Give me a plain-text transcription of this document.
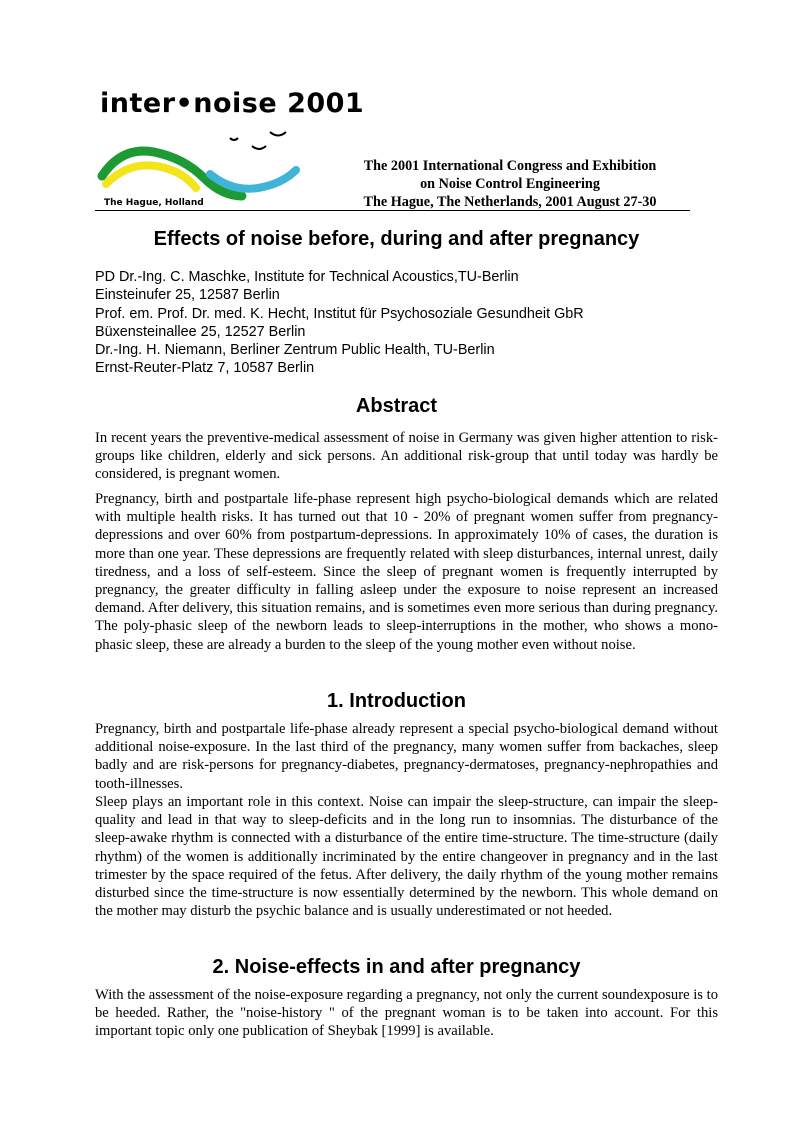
inter•noise 2001
The Hague, Holland
The 2001 International Congress and Exhibition
on Noise Control Engineering
The Hague, The Netherlands, 2001 August 27-30
Effects of noise before, during and after pregnancy
PD Dr.-Ing. C. Maschke, Institute for Technical Acoustics,TU-Berlin
Einsteinufer 25, 12587 Berlin
Prof. em. Prof. Dr. med. K. Hecht, Institut für Psychosoziale Gesundheit GbR
Büxensteinallee 25, 12527 Berlin
Dr.-Ing. H. Niemann, Berliner Zentrum Public Health, TU-Berlin
Ernst-Reuter-Platz 7, 10587 Berlin
Abstract
In recent years the preventive-medical assessment of noise in Germany was given higher attention to risk-groups like children, elderly and sick persons. An additional risk-group that until today was hardly be considered, is pregnant women.
Pregnancy, birth and postpartale life-phase represent high psycho-biological demands which are related with multiple health risks. It has turned out that 10 - 20% of pregnant women suffer from pregnancy-depressions and over 60% from postpartum-depressions. In approximately 10% of cases, the duration is more than one year. These depressions are frequently related with sleep disturbances, internal unrest, daily tiredness, and a loss of self-esteem. Since the sleep of pregnant women is frequently interrupted by pregnancy, the greater difficulty in falling asleep under the exposure to noise represent an increased demand. After delivery, this situation remains, and is sometimes even more serious than during pregnancy. The poly-phasic sleep of the newborn leads to sleep-interruptions in the mother, who shows a mono-phasic sleep, these are already a burden to the sleep of the young mother even without noise.
1. Introduction
Pregnancy, birth and postpartale life-phase already represent a special psycho-biological demand without additional noise-exposure. In the last third of the pregnancy, many women suffer from backaches, sleep badly and are risk-persons for pregnancy-diabetes, pregnancy-dermatoses, pregnancy-nephropathies and tooth-illnesses.
Sleep plays an important role in this context. Noise can impair the sleep-structure, can impair the sleep-quality and lead in that way to sleep-deficits and in the long run to insomnias. The disturbance of the sleep-awake rhythm is connected with a disturbance of the entire time-structure. The time-structure (daily rhythm) of the women is additionally incriminated by the entire changeover in pregnancy and in the last trimester by the space required of the fetus. After delivery, the daily rhythm of the young mother remains disturbed since the time-structure is now essentially determined by the newborn. This whole demand on the mother may disturb the psychic balance and is usually underestimated or not heeded.
2. Noise-effects in and after pregnancy
With the assessment of the noise-exposure regarding a pregnancy, not only the current soundexposure is to be heeded. Rather, the "noise-history " of the pregnant woman is to be taken into account. For this important topic only one publication of Sheybak [1999] is available.
